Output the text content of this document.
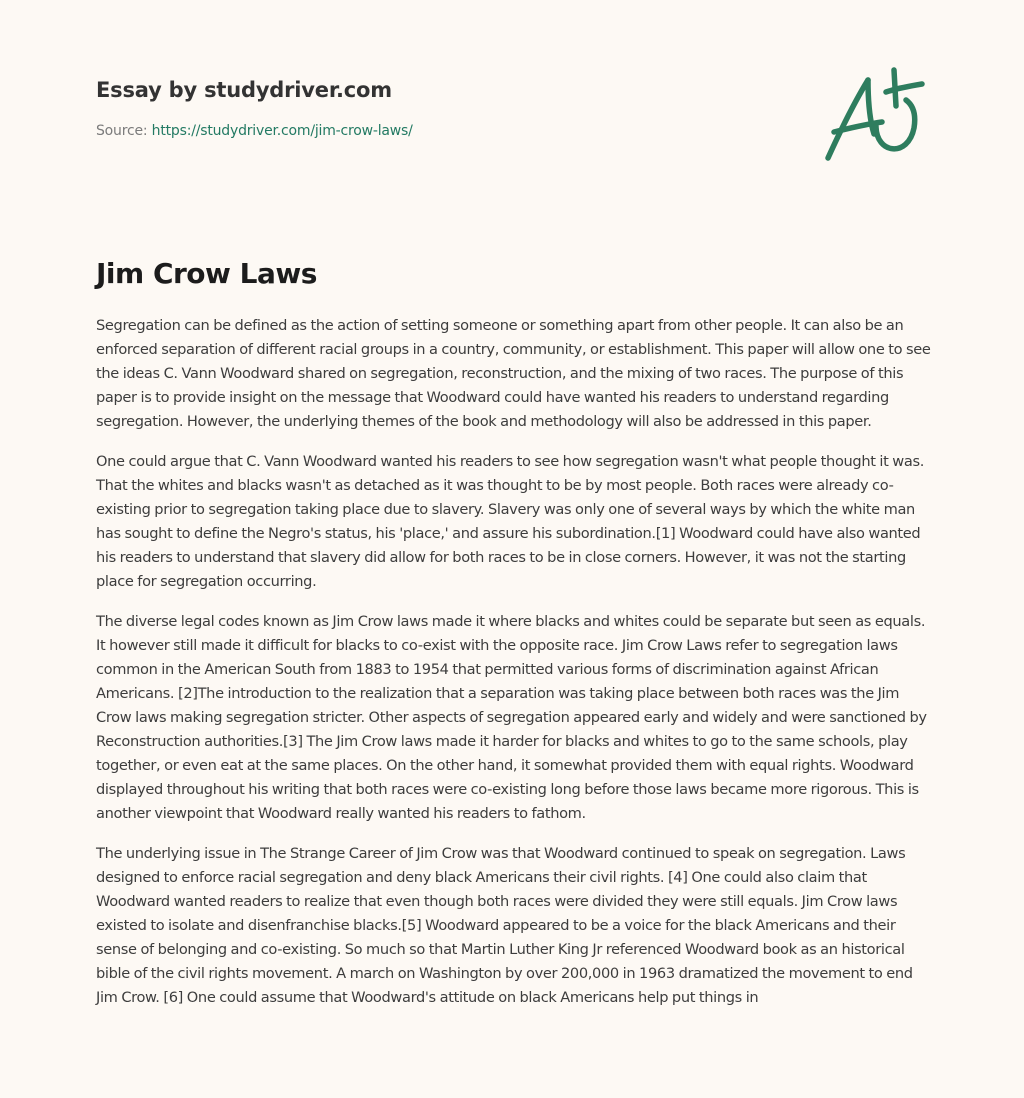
Essay by studydriver.com
Source: https://studydriver.com/jim-crow-laws/
Jim Crow Laws

Segregation can be defined as the action of setting someone or something apart from other people. It can also be an enforced separation of different racial groups in a country, community, or establishment. This paper will allow one to see the ideas C. Vann Woodward shared on segregation, reconstruction, and the mixing of two races. The purpose of this paper is to provide insight on the message that Woodward could have wanted his readers to understand regarding segregation. However, the underlying themes of the book and methodology will also be addressed in this paper.

One could argue that C. Vann Woodward wanted his readers to see how segregation wasn't what people thought it was. That the whites and blacks wasn't as detached as it was thought to be by most people. Both races were already co-existing prior to segregation taking place due to slavery. Slavery was only one of several ways by which the white man has sought to define the Negro's status, his 'place,' and assure his subordination.[1] Woodward could have also wanted his readers to understand that slavery did allow for both races to be in close corners. However, it was not the starting place for segregation occurring.

The diverse legal codes known as Jim Crow laws made it where blacks and whites could be separate but seen as equals. It however still made it difficult for blacks to co-exist with the opposite race. Jim Crow Laws refer to segregation laws common in the American South from 1883 to 1954 that permitted various forms of discrimination against African Americans. [2]The introduction to the realization that a separation was taking place between both races was the Jim Crow laws making segregation stricter. Other aspects of segregation appeared early and widely and were sanctioned by Reconstruction authorities.[3] The Jim Crow laws made it harder for blacks and whites to go to the same schools, play together, or even eat at the same places. On the other hand, it somewhat provided them with equal rights. Woodward displayed throughout his writing that both races were co-existing long before those laws became more rigorous. This is another viewpoint that Woodward really wanted his readers to fathom.

The underlying issue in The Strange Career of Jim Crow was that Woodward continued to speak on segregation. Laws designed to enforce racial segregation and deny black Americans their civil rights. [4] One could also claim that Woodward wanted readers to realize that even though both races were divided they were still equals. Jim Crow laws existed to isolate and disenfranchise blacks.[5] Woodward appeared to be a voice for the black Americans and their sense of belonging and co-existing. So much so that Martin Luther King Jr referenced Woodward book as an historical bible of the civil rights movement. A march on Washington by over 200,000 in 1963 dramatized the movement to end Jim Crow. [6] One could assume that Woodward's attitude on black Americans help put things in
